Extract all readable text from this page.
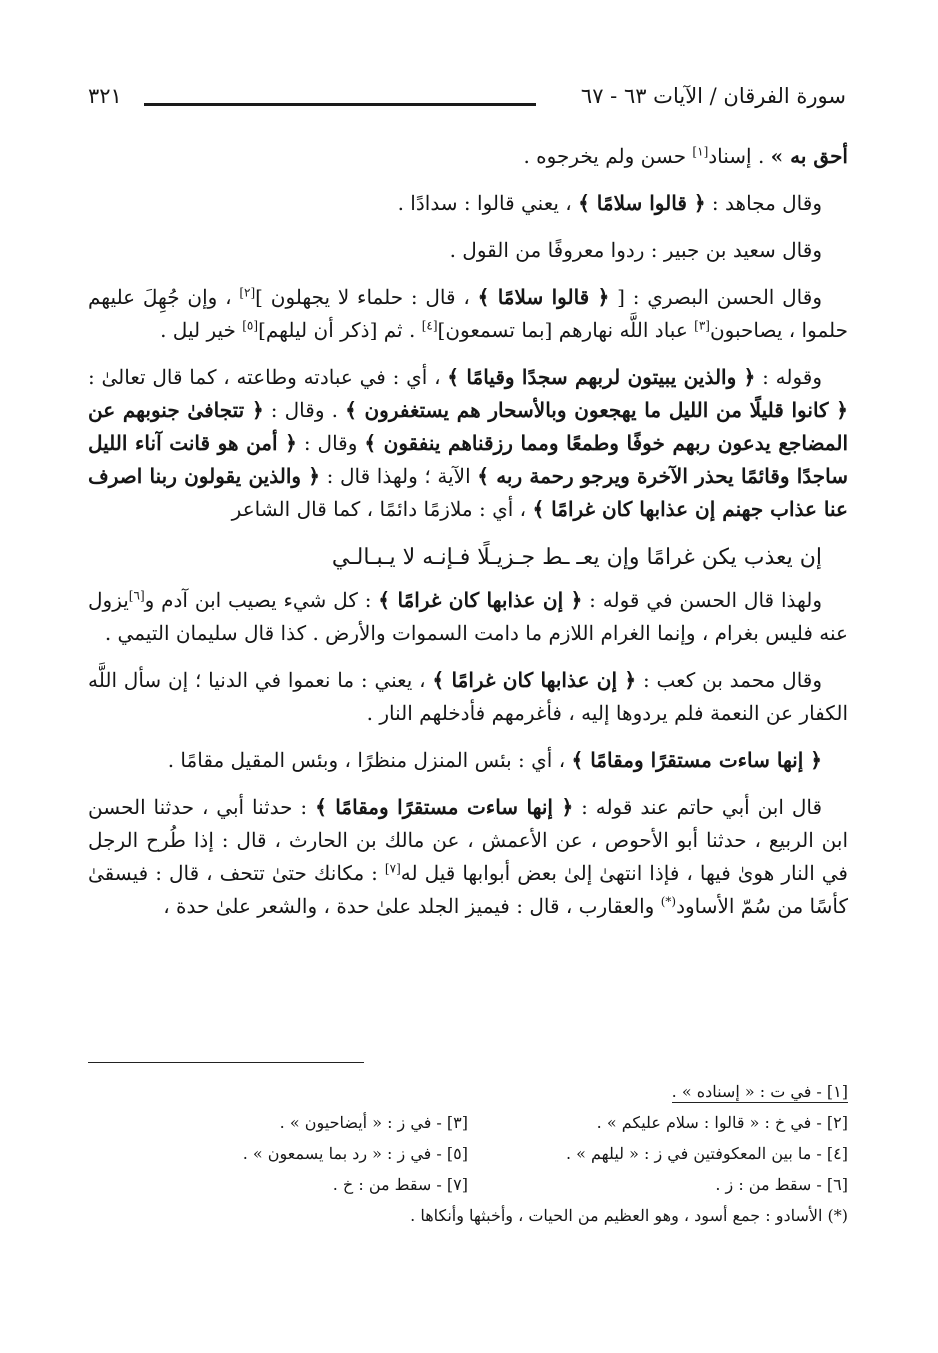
سورة الفرقان / الآيات ٦٣ - ٦٧
٣٢١

أحق به » . إسناد[١] حسن ولم يخرجوه .

وقال مجاهد : ﴿ قالوا سلامًا ﴾ ، يعني قالوا : سدادًا .

وقال سعيد بن جبير : ردوا معروفًا من القول .

وقال الحسن البصري : [ ﴿ قالوا سلامًا ﴾ ، قال : حلماء لا يجهلون ][٢] ، وإن جُهِلَ عليهم حلموا ، يصاحبون[٣] عباد اللَّه نهارهم [بما تسمعون][٤] . ثم [ذكر أن ليلهم][٥] خير ليل .

وقوله : ﴿ والذين يبيتون لربهم سجدًا وقيامًا ﴾ ، أي : في عبادته وطاعته ، كما قال تعالىٰ : ﴿ كانوا قليلًا من الليل ما يهجعون وبالأسحار هم يستغفرون ﴾ . وقال : ﴿ تتجافىٰ جنوبهم عن المضاجع يدعون ربهم خوفًا وطمعًا ومما رزقناهم ينفقون ﴾ وقال : ﴿ أمن هو قانت آناء الليل ساجدًا وقائمًا يحذر الآخرة ويرجو رحمة ربه ﴾ الآية ؛ ولهذا قال : ﴿ والذين يقولون ربنا اصرف عنا عذاب جهنم إن عذابها كان غرامًا ﴾ ، أي : ملازمًا دائمًا ، كما قال الشاعر

إن يعذب يكن غرامًا وإن يعـ ـط جـزيـلًا فـإنـه لا يـبـالـي

ولهذا قال الحسن في قوله : ﴿ إن عذابها كان غرامًا ﴾ : كل شيء يصيب ابن آدم و[٦]يزول عنه فليس بغرام ، وإنما الغرام اللازم ما دامت السموات والأرض . كذا قال سليمان التيمي .

وقال محمد بن كعب : ﴿ إن عذابها كان غرامًا ﴾ ، يعني : ما نعموا في الدنيا ؛ إن سأل اللَّه الكفار عن النعمة فلم يردوها إليه ، فأغرمهم فأدخلهم النار .

﴿ إنها ساءت مستقرًا ومقامًا ﴾ ، أي : بئس المنزل منظرًا ، وبئس المقيل مقامًا .

قال ابن أبي حاتم عند قوله : ﴿ إنها ساءت مستقرًا ومقامًا ﴾ : حدثنا أبي ، حدثنا الحسن ابن الربيع ، حدثنا أبو الأحوص ، عن الأعمش ، عن مالك بن الحارث ، قال : إذا طُرح الرجل في النار هوىٰ فيها ، فإذا انتهىٰ إلىٰ بعض أبوابها قيل له[٧] : مكانك حتىٰ تتحف ، قال : فيسقىٰ كأسًا من سُمّ الأساود(*) والعقارب ، قال : فيميز الجلد علىٰ حدة ، والشعر علىٰ حدة ،

[١] - في ت : « إسناده » .
[٢] - في خ : « قالوا : سلام عليكم » .
[٣] - في ز : « أيضاحيون » .
[٤] - ما بين المعكوفتين في ز : « ليلهم » .
[٥] - في ز : « رد بما يسمعون » .
[٦] - سقط من : ز .
[٧] - سقط من : خ .
(*) الأسادو : جمع أسود ، وهو العظيم من الحيات ، وأخبثها وأنكاها .
